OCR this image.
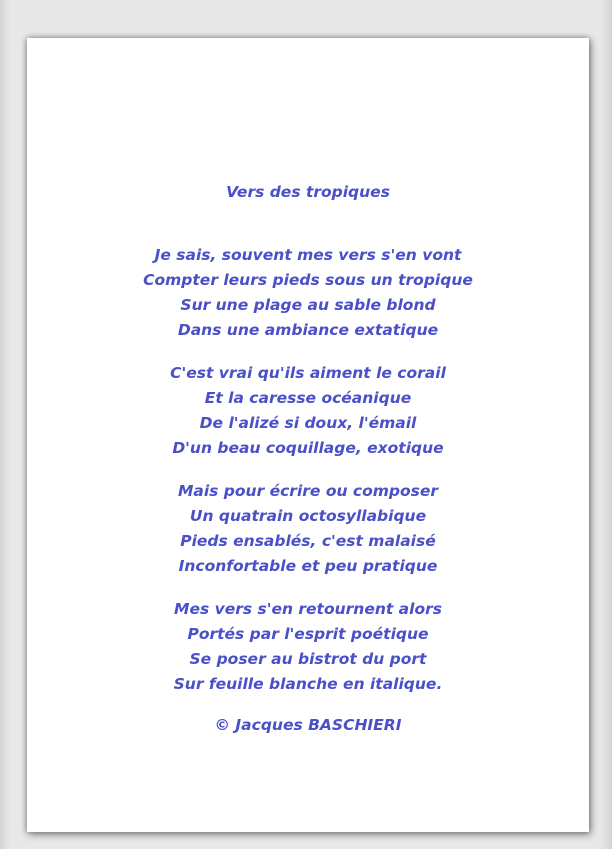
Vers des tropiques
Je sais, souvent mes vers s'en vont
Compter leurs pieds sous un tropique
Sur une plage au sable blond
Dans une ambiance extatique
C'est vrai qu'ils aiment le corail
Et la caresse océanique
De l'alizé si doux, l'émail
D'un beau coquillage, exotique
Mais pour écrire ou composer
Un quatrain octosyllabique
Pieds ensablés, c'est malaisé
Inconfortable et peu pratique
Mes vers s'en retournent alors
Portés par l'esprit poétique
Se poser au bistrot du port
Sur feuille blanche en italique.
© Jacques BASCHIERI
